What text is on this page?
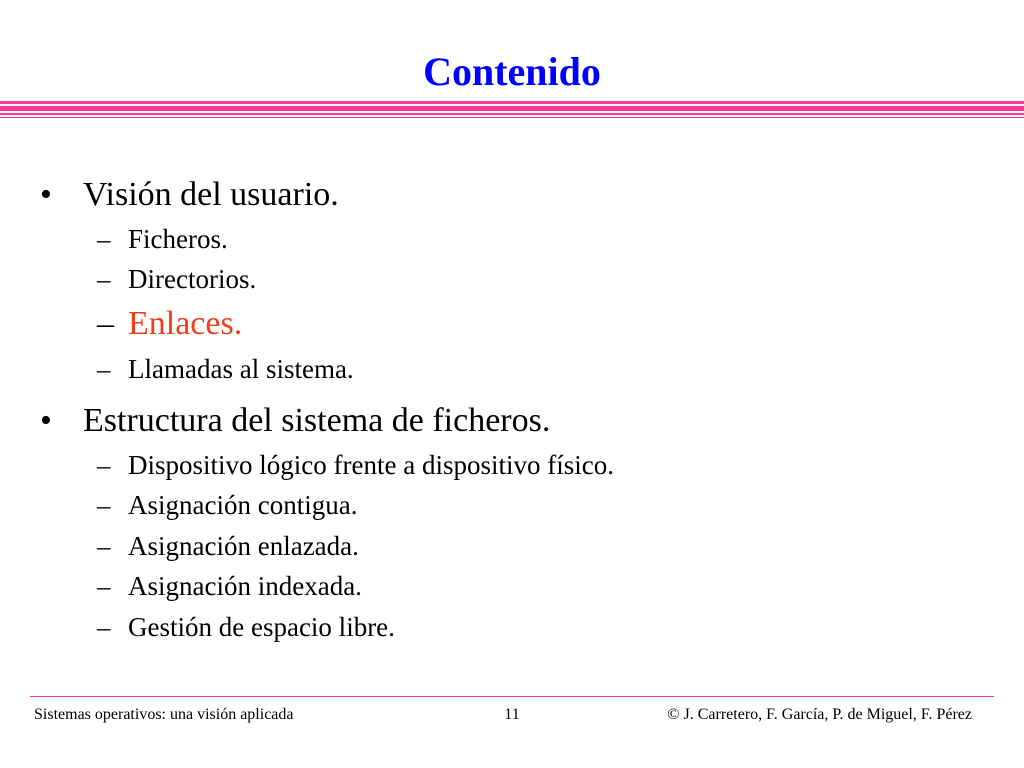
Contenido
• Visión del usuario.
– Ficheros.
– Directorios.
– Enlaces.
– Llamadas al sistema.
• Estructura del sistema de ficheros.
– Dispositivo lógico frente a dispositivo físico.
– Asignación contigua.
– Asignación enlazada.
– Asignación indexada.
– Gestión de espacio libre.
Sistemas operativos: una visión aplicada	11	© J. Carretero, F. García, P. de Miguel, F. Pérez
